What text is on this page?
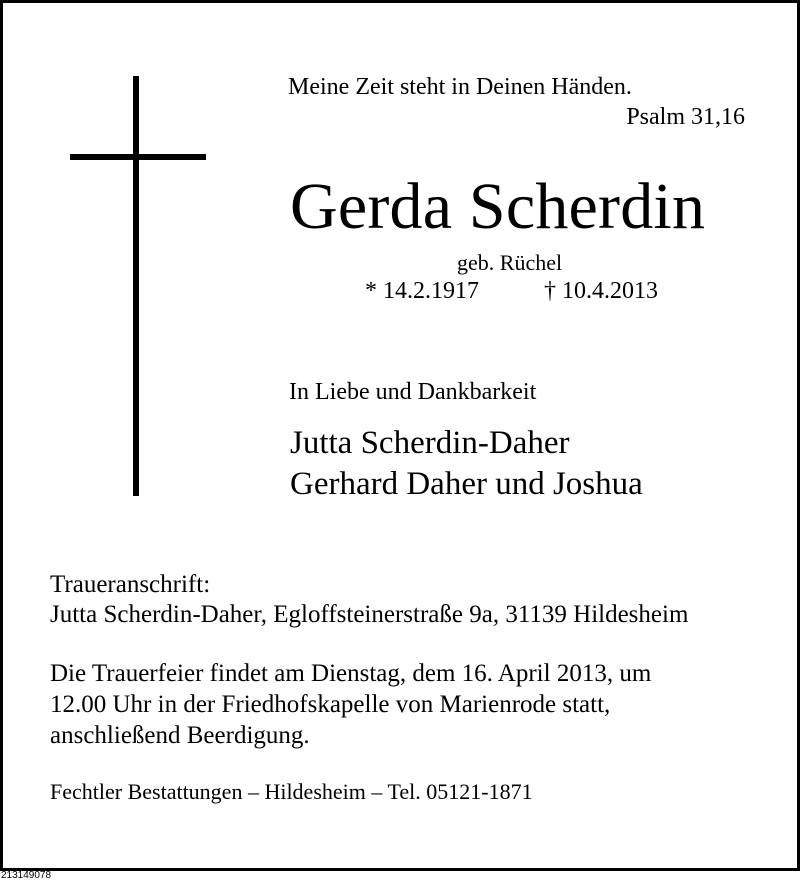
Meine Zeit steht in Deinen Händen.
Psalm 31,16
Gerda Scherdin
geb. Rüchel
* 14.2.1917	† 10.4.2013
In Liebe und Dankbarkeit
Jutta Scherdin-Daher
Gerhard Daher und Joshua
Traueranschrift:
Jutta Scherdin-Daher, Egloffsteinerstraße 9a, 31139 Hildesheim
Die Trauerfeier findet am Dienstag, dem 16. April 2013, um
12.00 Uhr in der Friedhofskapelle von Marienrode statt,
anschließend Beerdigung.
Fechtler Bestattungen – Hildesheim – Tel. 05121-1871
213149078
